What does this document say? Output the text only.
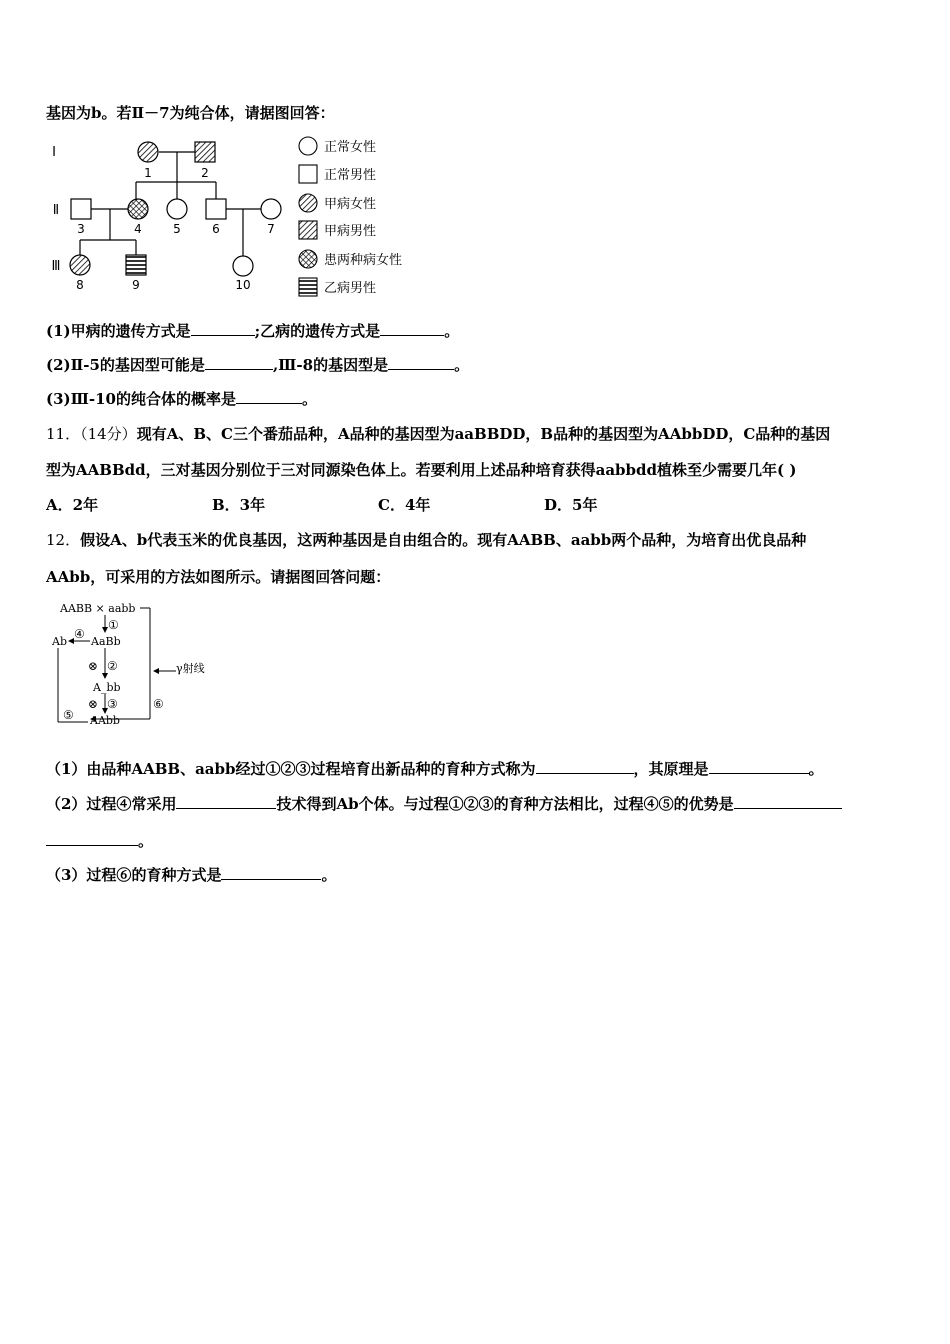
基因为b。若Ⅱ－7为纯合体，请据图回答：
Ⅰ
Ⅱ
Ⅲ
1	2
3	4	5	6	7
8	9	10
正常女性
正常男性
甲病女性
甲病男性
患两种病女性
乙病男性
(1)甲病的遗传方式是	;乙病的遗传方式是	。
(2)Ⅱ-5的基因型可能是	,Ⅲ-8的基因型是	。
(3)Ⅲ-10的纯合体的概率是	。
11．（14分）现有A、B、C三个番茄品种，A品种的基因型为aaBBDD，B品种的基因型为AAbbDD，C品种的基因
型为AABBdd，三对基因分别位于三对同源染色体上。若要利用上述品种培育获得aabbdd植株至少需要几年( )
A．2年	B．3年	C．4年	D．5年
12．假设A、b代表玉米的优良基因，这两种基因是自由组合的。现有AABB、aabb两个品种，为培育出优良品种
AAbb，可采用的方法如图所示。请据图回答问题：
AABB × aabb
①
Ab
④
AaBb
⊗ ②	γ射线
A_bb
⊗ ③	⑥
⑤ AAbb
（1）由品种AABB、aabb经过①②③过程培育出新品种的育种方式称为	，其原理是	。
（2）过程④常采用	技术得到Ab个体。与过程①②③的育种方法相比，过程④⑤的优势是
。
（3）过程⑥的育种方式是	。
